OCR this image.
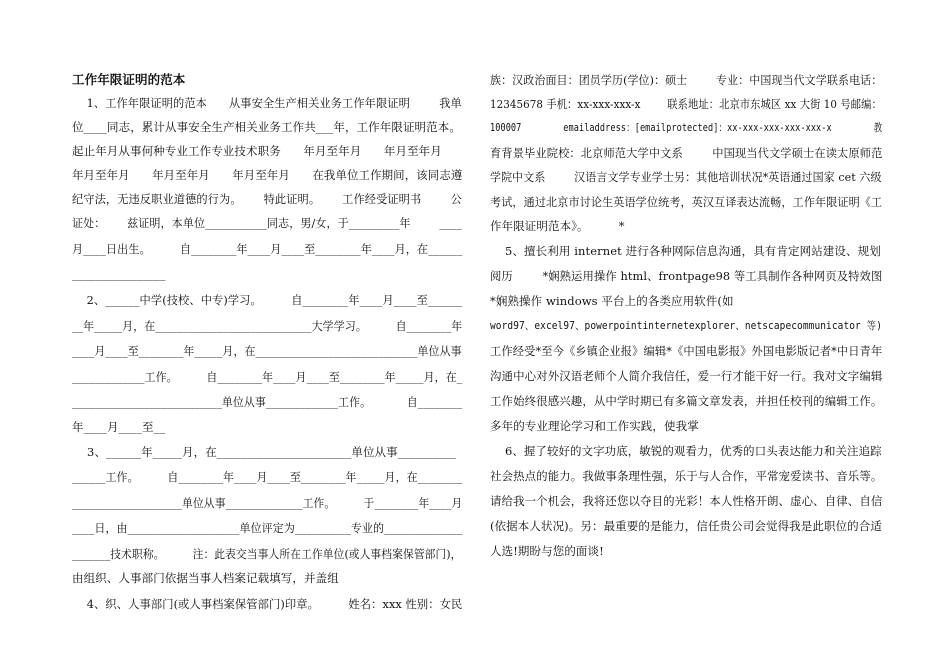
工作年限证明的范本
1、工作年限证明的范本      从事安全生产相关业务工作年限证明        我单
位____同志，累计从事安全生产相关业务工作共___年，工作年限证明范本。
起止年月从事何种专业工作专业技术职务      年月至年月      年月至年月
年月至年月      年月至年月      年月至年月      在我单位工作期间，该同志遵
纪守法，无违反职业道德的行为。      特此证明。      工作经受证明书        公
证处：      兹证明，本单位___________同志，男/女，于_________年        ____
月____日出生。        自________年____月____至________年____月，在______
________________
2、______中学(技校、中专)学习。        自________年____月____至______
__年_____月，在____________________________大学学习。        自________年
____月____至________年_____月，在_____________________________单位从事
_____________工作。        自________年____月____至________年_____月，在_
___________________________单位从事_____________工作。          自________
年____月____至__
3、______年_____月，在_______________________单位从事__________
______工作。        自________年____月____至________年_____月，在________
____________________单位从事______________工作。        于________年____月
____日，由____________________单位评定为__________专业的______________
_______技术职称。        注：此表交当事人所在工作单位(或人事档案保管部门)，
由组织、人事部门依据当事人档案记载填写，并盖组
4、织、人事部门(或人事档案保管部门)印章。        姓名：xxx 性别：女民
族：汉政治面目：团员学历(学位)：硕士        专业：中国现当代文学联系电话：
12345678 手机：xx-xxx-xxx-x        联系地址：北京市东城区 xx 大街 10 号邮编：
100007        emailaddress：[emailprotected]：xx-xxx-xxx-xxx-xxx-x        教
育背景毕业院校：北京师范大学中文系        中国现当代文学硕士在读太原师范
学院中文系        汉语言文学专业学士另：其他培训状况*英语通过国家 cet 六级
考试，通过北京市讨论生英语学位统考，英汉互译表达流畅，工作年限证明《工
作年限证明范本》。        *
5、擅长利用 internet 进行各种网际信息沟通，具有肯定网站建设、规划
阅历        *娴熟运用操作 html、frontpage98 等工具制作各种网页及特效图
*娴熟操作 windows 平台上的各类应用软件(如
word97、excel97、powerpointinternetexplorer、netscapecommunicator 等)
工作经受*至今《乡镇企业报》编辑*《中国电影报》外国电影版记者*中日青年
沟通中心对外汉语老师个人简介我信任，爱一行才能干好一行。我对文字编辑
工作始终很感兴趣，从中学时期已有多篇文章发表，并担任校刊的编辑工作。
多年的专业理论学习和工作实践，使我掌
6、握了较好的文字功底，敏锐的观看力，优秀的口头表达能力和关注追踪
社会热点的能力。我做事条理性强，乐于与人合作，平常宠爱读书、音乐等。
请给我一个机会，我将还您以夺目的光彩！本人性格开朗、虚心、自律、自信
(依据本人状况)。另：最重要的是能力，信任贵公司会觉得我是此职位的合适
人选!期盼与您的面谈!
